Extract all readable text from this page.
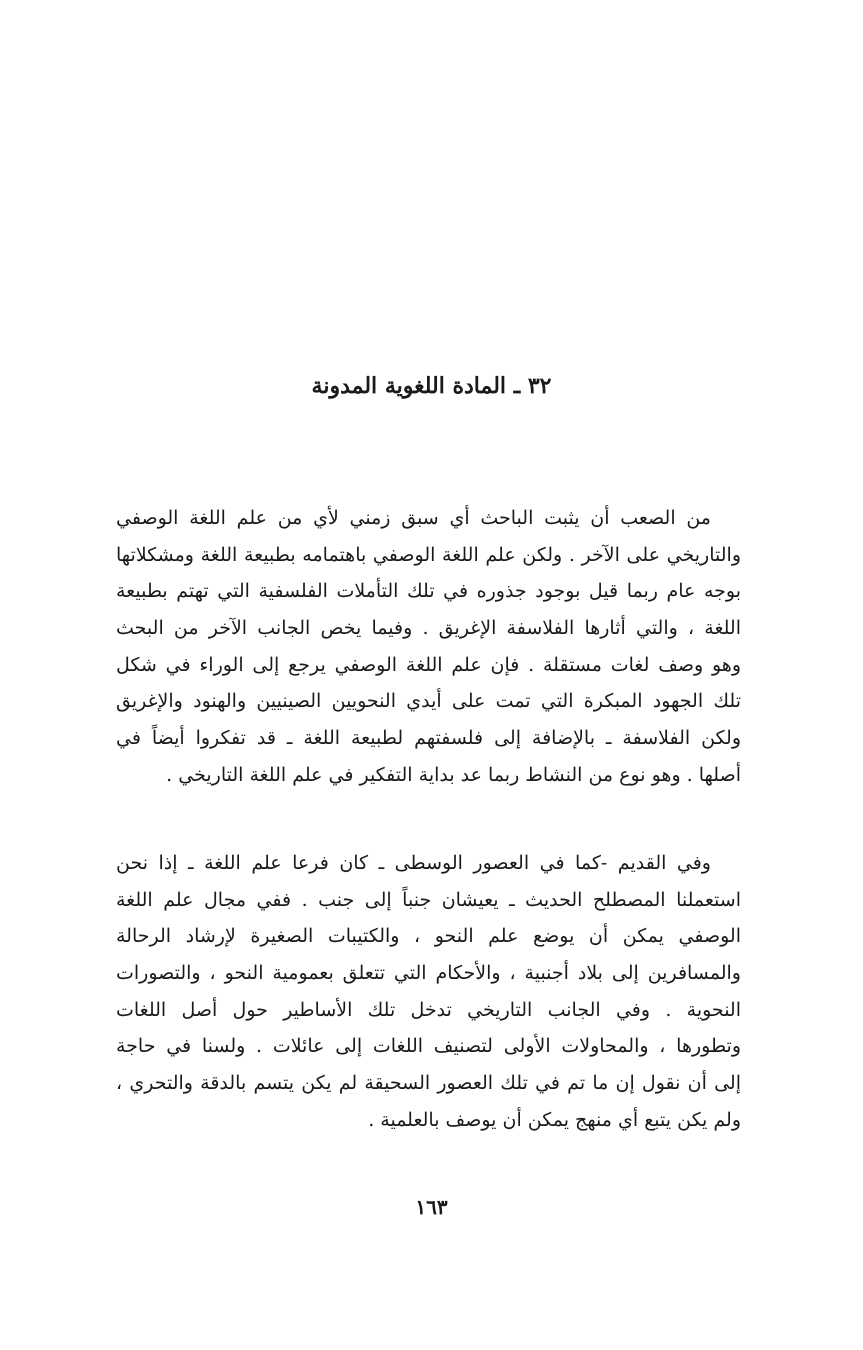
٣٢ ـ المادة اللغوية المدونة
من الصعب أن يثبت الباحث أي سبق زمني لأي من علم اللغة الوصفي
والتاريخي على الآخر . ولكن علم اللغة الوصفي باهتمامه بطبيعة اللغة ومشكلاتها
بوجه عام ربما قيل بوجود جذوره في تلك التأملات الفلسفية التي تهتم بطبيعة
اللغة ، والتي أثارها الفلاسفة الإغريق . وفيما يخص الجانب الآخر من البحث
وهو وصف لغات مستقلة . فإن علم اللغة الوصفي يرجع إلى الوراء في شكل
تلك الجهود المبكرة التي تمت على أيدي النحويين الصينيين والهنود والإغريق
ولكن الفلاسفة ـ بالإضافة إلى فلسفتهم لطبيعة اللغة ـ قد تفكروا أيضاً في
أصلها . وهو نوع من النشاط ربما عد بداية التفكير في علم اللغة التاريخي .
وفي القديم -كما في العصور الوسطى ـ كان فرعا علم اللغة ـ إذا نحن
استعملنا المصطلح الحديث ـ يعيشان جنباً إلى جنب . ففي مجال علم اللغة
الوصفي يمكن أن يوضع علم النحو ، والكتيبات الصغيرة لإرشاد الرحالة
والمسافرين إلى بلاد أجنبية ، والأحكام التي تتعلق بعمومية النحو ، والتصورات
النحوية . وفي الجانب التاريخي تدخل تلك الأساطير حول أصل اللغات
وتطورها ، والمحاولات الأولى لتصنيف اللغات إلى عائلات . ولسنا في حاجة
إلى أن نقول إن ما تم في تلك العصور السحيقة لم يكن يتسم بالدقة والتحري ،
ولم يكن يتبع أي منهج يمكن أن يوصف بالعلمية .
١٦٣
